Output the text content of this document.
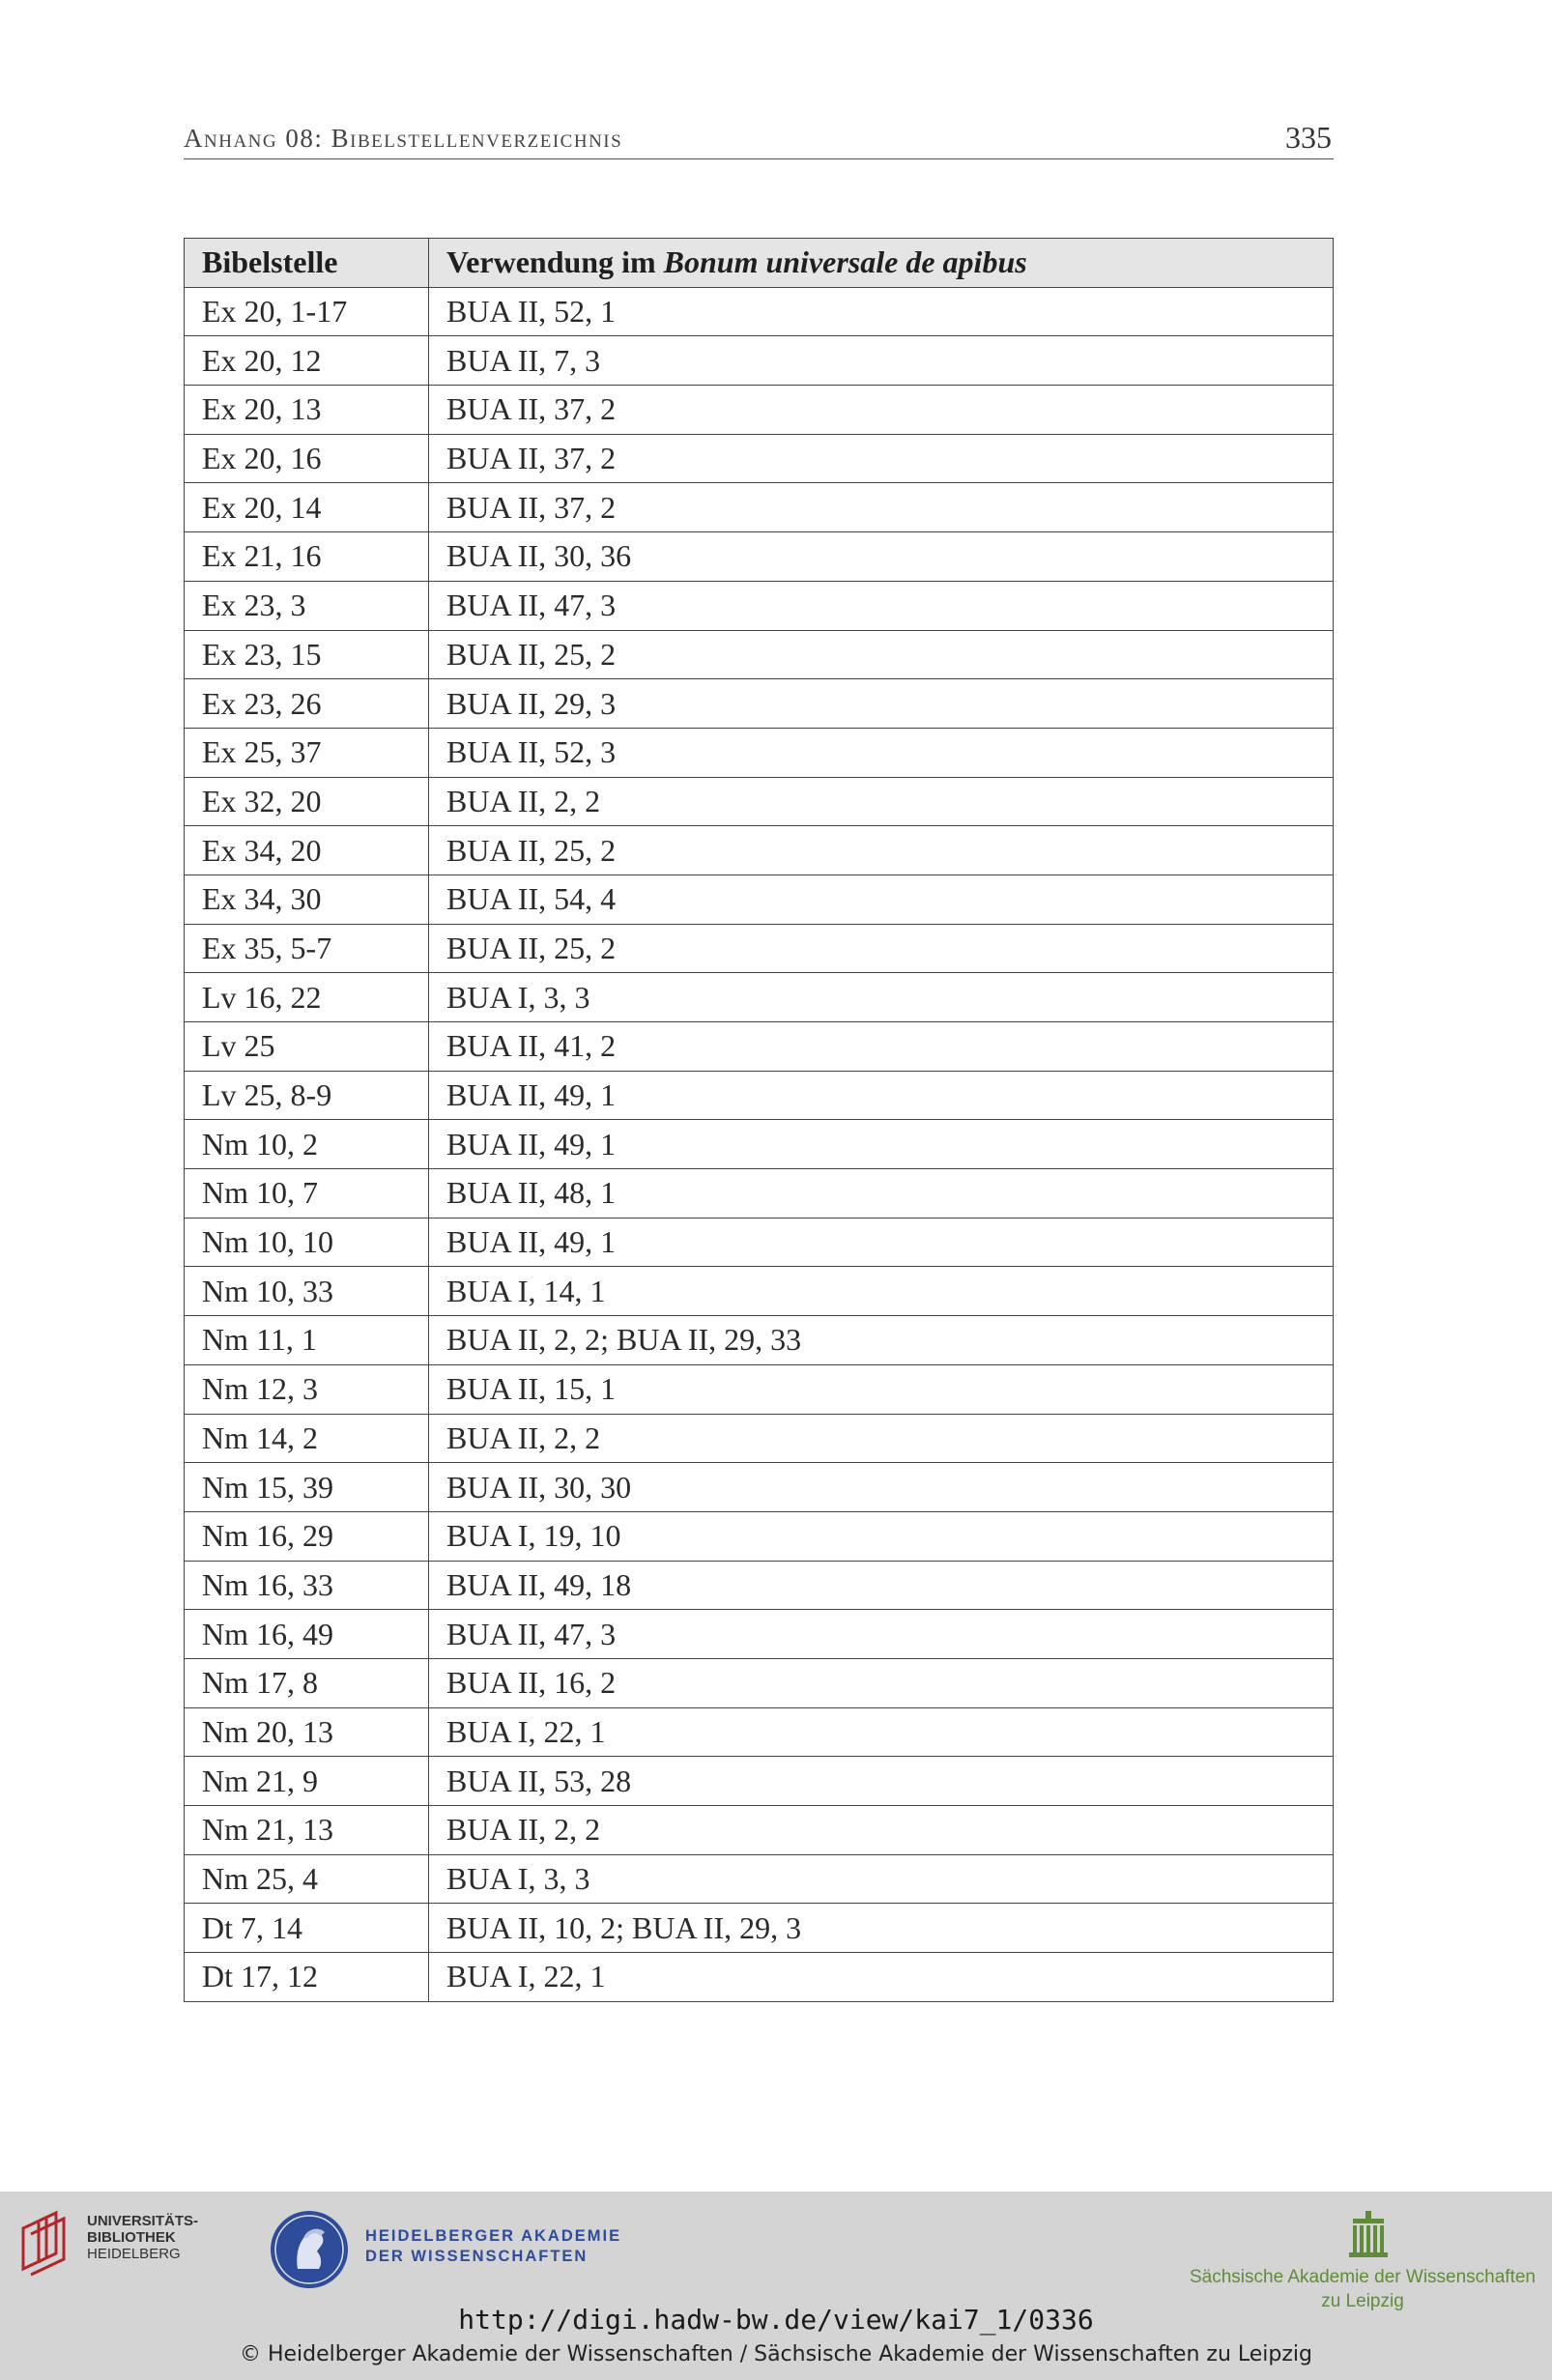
Anhang 08: Bibelstellenverzeichnis	335
Bibelstelle	Verwendung im Bonum universale de apibus
Ex 20, 1-17	BUA II, 52, 1
Ex 20, 12	BUA II, 7, 3
Ex 20, 13	BUA II, 37, 2
Ex 20, 16	BUA II, 37, 2
Ex 20, 14	BUA II, 37, 2
Ex 21, 16	BUA II, 30, 36
Ex 23, 3	BUA II, 47, 3
Ex 23, 15	BUA II, 25, 2
Ex 23, 26	BUA II, 29, 3
Ex 25, 37	BUA II, 52, 3
Ex 32, 20	BUA II, 2, 2
Ex 34, 20	BUA II, 25, 2
Ex 34, 30	BUA II, 54, 4
Ex 35, 5-7	BUA II, 25, 2
Lv 16, 22	BUA I, 3, 3
Lv 25	BUA II, 41, 2
Lv 25, 8-9	BUA II, 49, 1
Nm 10, 2	BUA II, 49, 1
Nm 10, 7	BUA II, 48, 1
Nm 10, 10	BUA II, 49, 1
Nm 10, 33	BUA I, 14, 1
Nm 11, 1	BUA II, 2, 2; BUA II, 29, 33
Nm 12, 3	BUA II, 15, 1
Nm 14, 2	BUA II, 2, 2
Nm 15, 39	BUA II, 30, 30
Nm 16, 29	BUA I, 19, 10
Nm 16, 33	BUA II, 49, 18
Nm 16, 49	BUA II, 47, 3
Nm 17, 8	BUA II, 16, 2
Nm 20, 13	BUA I, 22, 1
Nm 21, 9	BUA II, 53, 28
Nm 21, 13	BUA II, 2, 2
Nm 25, 4	BUA I, 3, 3
Dt 7, 14	BUA II, 10, 2; BUA II, 29, 3
Dt 17, 12	BUA I, 22, 1
UNIVERSITÄTS-
BIBLIOTHEK
HEIDELBERG
HEIDELBERGER AKADEMIE
DER WISSENSCHAFTEN
Sächsische Akademie der Wissenschaften
zu Leipzig
http://digi.hadw-bw.de/view/kai7_1/0336
© Heidelberger Akademie der Wissenschaften / Sächsische Akademie der Wissenschaften zu Leipzig
